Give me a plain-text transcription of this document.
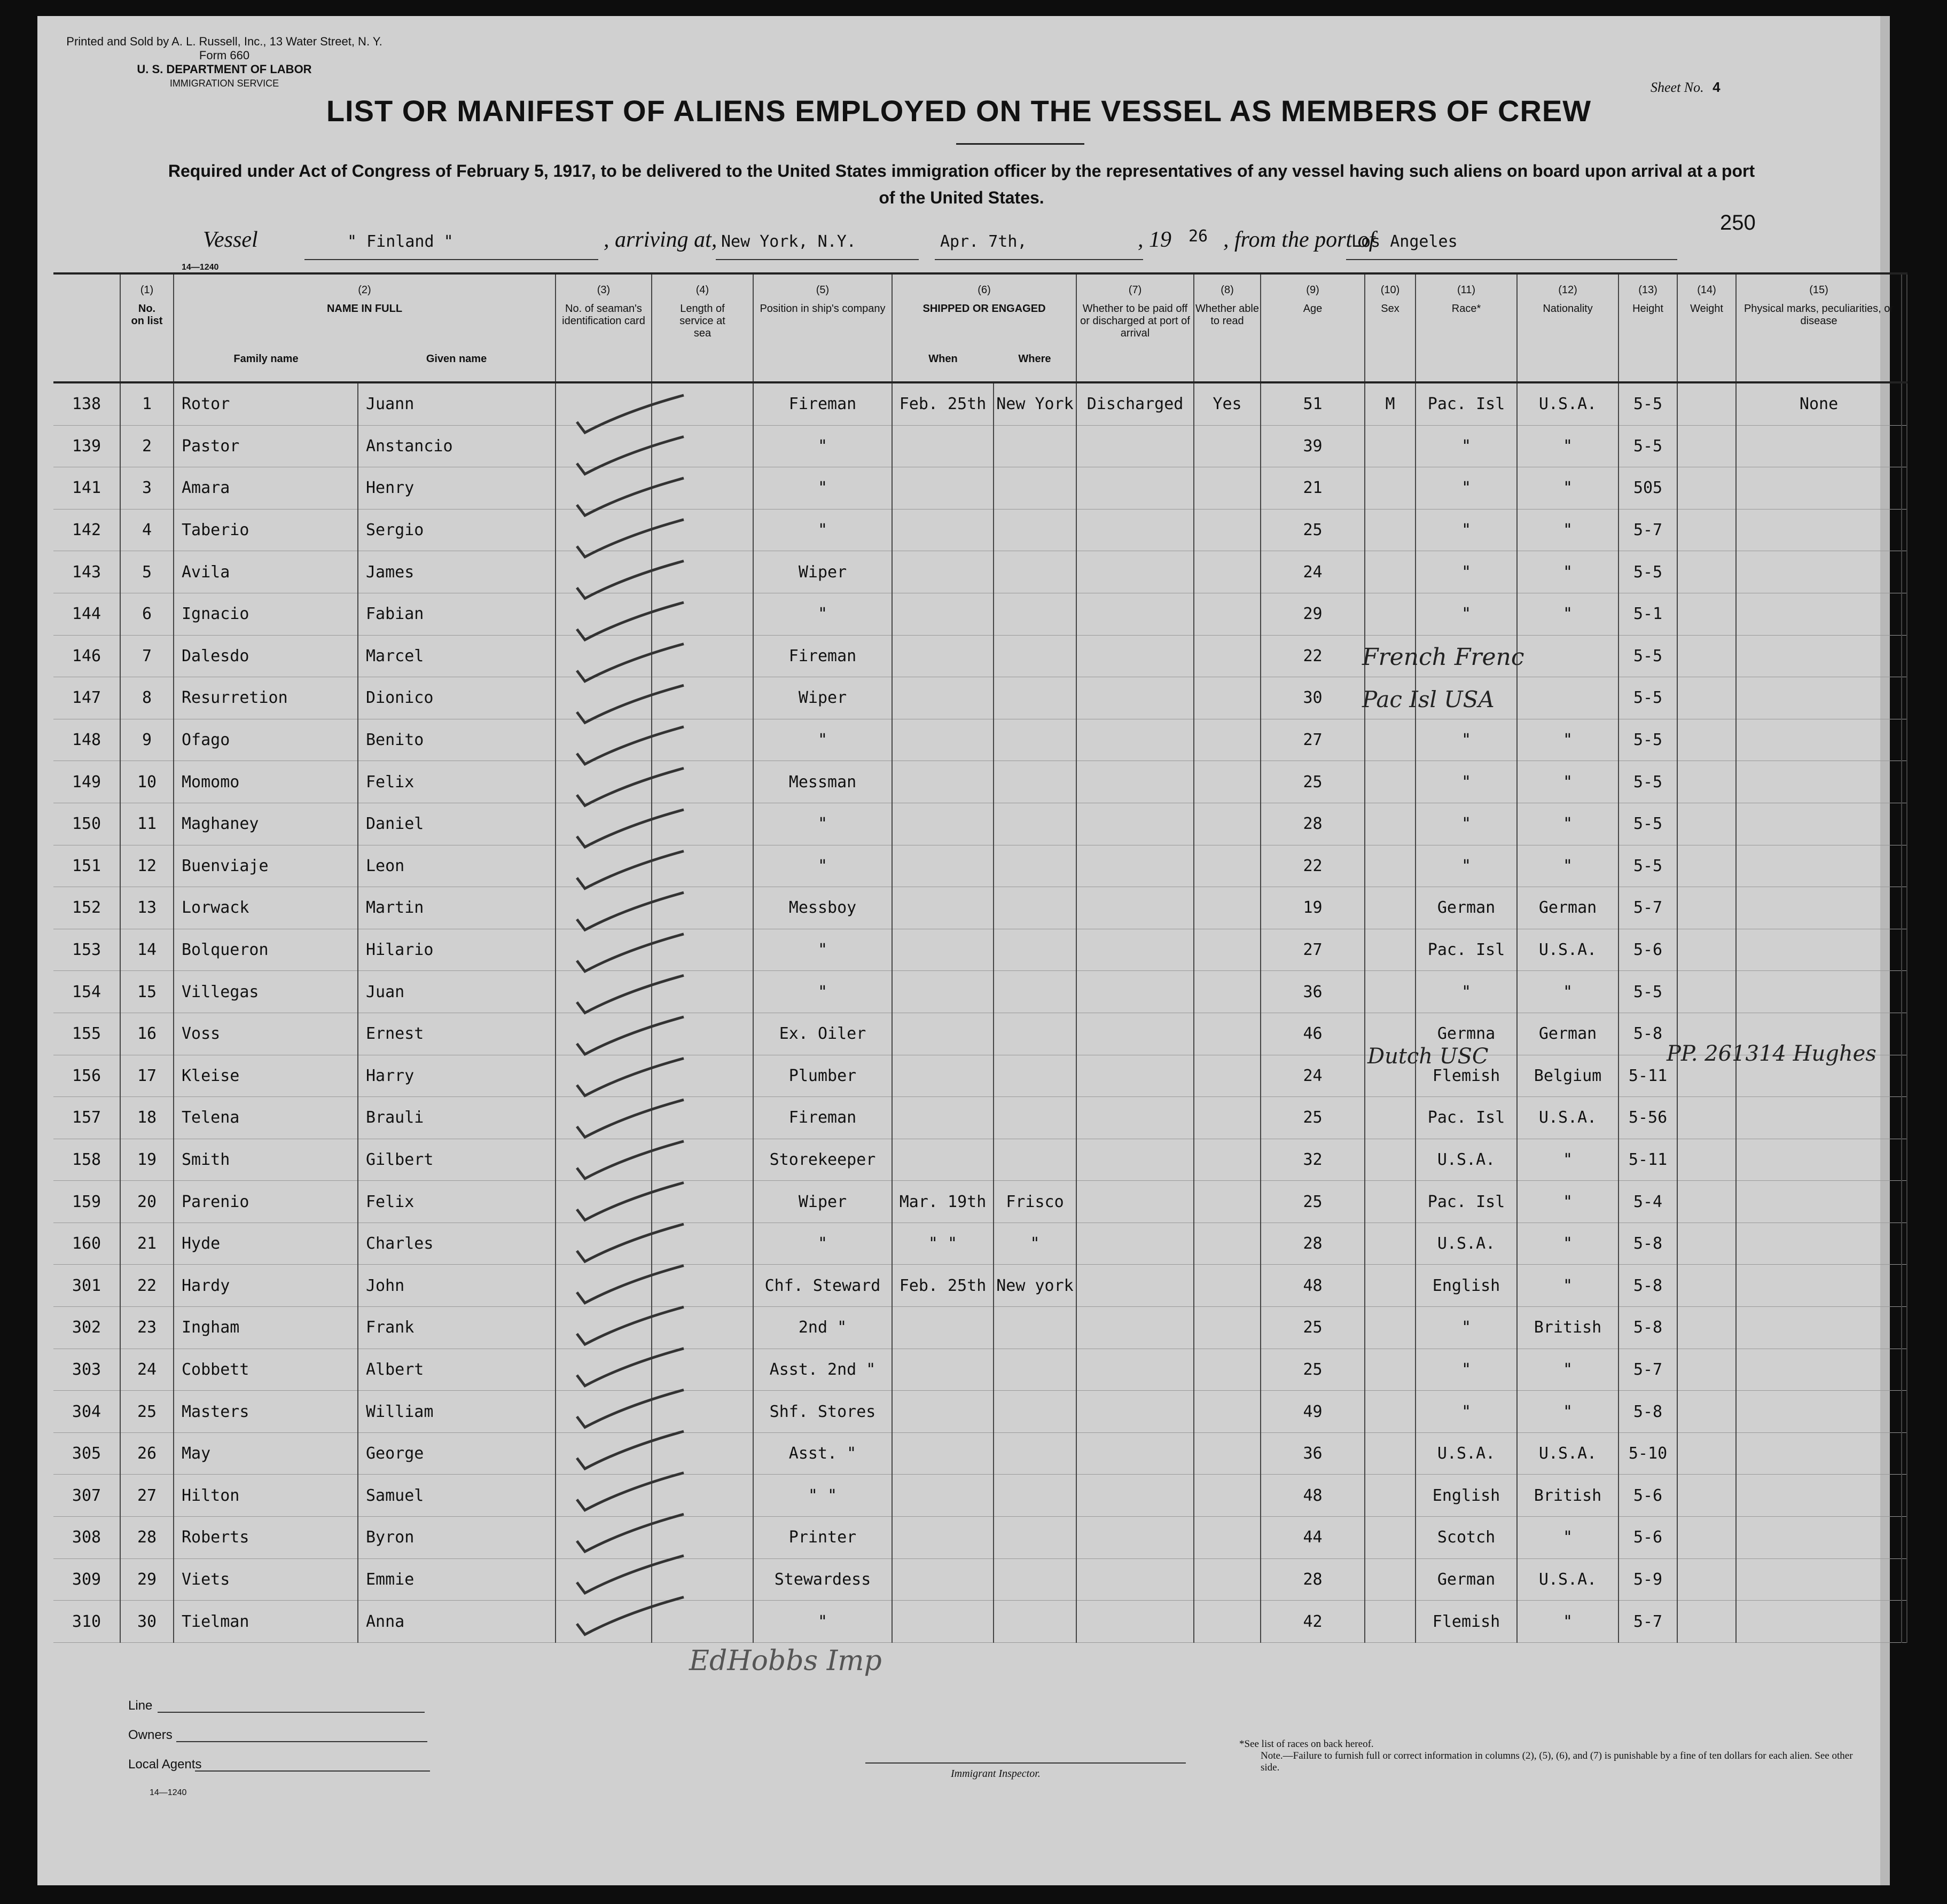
Printed and Sold by A. L. Russell, Inc., 13 Water Street, N. Y.
Form 660
U. S. DEPARTMENT OF LABOR
IMMIGRATION SERVICE	Sheet No. 4
LIST OR MANIFEST OF ALIENS EMPLOYED ON THE VESSEL AS MEMBERS OF CREW
Required under Act of Congress of February 5, 1917, to be delivered to the United States immigration officer by the representatives of any vessel having such aliens on board upon arrival at a port of the United States.
250
Vessel	" Finland "	, arriving at, New York, N.Y.	Apr. 7th,	, 19 26 , from the port of
Los Angeles
14—1240

	(1)
No. on list	(2)
NAME IN FULL
Family name Given name		(3)
No. of seaman's identification card	(4)
Length of service at sea	(5)
Position in ship's company	(6)
SHIPPED OR ENGAGED
When Where		(7)
Whether to be paid off or discharged at port of arrival	(8)
Whether able to read	(9)
Age	(10)
Sex	(11)
Race*	(12)
Nationality	(13)
Height	(14)
Weight	(15)
Physical marks, peculiarities, or disease	

138	1	Rotor	Juann			Fireman	Feb. 25th	New York	Discharged	Yes	51	M	Pac. Isl	U.S.A.	5-5		None	
139	2	Pastor	Anstancio			"					39		"	"	5-5			
141	3	Amara	Henry			"					21		"	"	505			
142	4	Taberio	Sergio			"					25		"	"	5-7			
143	5	Avila	James			Wiper					24		"	"	5-5			
144	6	Ignacio	Fabian			"					29		"	"	5-1			
146	7	Dalesdo	Marcel			Fireman					22				5-5			
147	8	Resurretion	Dionico			Wiper					30				5-5			
148	9	Ofago	Benito			"					27		"	"	5-5			
149	10	Momomo	Felix			Messman					25		"	"	5-5			
150	11	Maghaney	Daniel			"					28		"	"	5-5			
151	12	Buenviaje	Leon			"					22		"	"	5-5			
152	13	Lorwack	Martin			Messboy					19		German	German	5-7			
153	14	Bolqueron	Hilario			"					27		Pac. Isl	U.S.A.	5-6			
154	15	Villegas	Juan			"					36		"	"	5-5			
155	16	Voss	Ernest			Ex. Oiler					46		Germna	German	5-8			
156	17	Kleise	Harry			Plumber					24		Flemish	Belgium	5-11			
157	18	Telena	Brauli			Fireman					25		Pac. Isl	U.S.A.	5-56			
158	19	Smith	Gilbert			Storekeeper					32		U.S.A.	"	5-11			
159	20	Parenio	Felix			Wiper	Mar. 19th	Frisco			25		Pac. Isl	"	5-4			
160	21	Hyde	Charles			"	" "	"			28		U.S.A.	"	5-8			
301	22	Hardy	John			Chf. Steward	Feb. 25th	New york			48		English	"	5-8			
302	23	Ingham	Frank			2nd "					25		"	British	5-8			
303	24	Cobbett	Albert			Asst. 2nd "					25		"	"	5-7			
304	25	Masters	William			Shf. Stores					49		"	"	5-8			
305	26	May	George			Asst. "					36		U.S.A.	U.S.A.	5-10			
307	27	Hilton	Samuel			" "					48		English	British	5-6			
308	28	Roberts	Byron			Printer					44		Scotch	"	5-6			
309	29	Viets	Emmie			Stewardess					28		German	U.S.A.	5-9			
310	30	Tielman	Anna			"					42		Flemish	"	5-7			
French Frenc
Pac Isl USA
Dutch USC	PP. 261314 Hughes
EdHobbs Imp
Line
Owners
Local Agents
Immigrant Inspector.
14—1240
*See list of races on back hereof.
Note.—Failure to furnish full or correct information in columns (2), (5), (6), and (7) is punishable by a fine of ten dollars for each alien. See other side.
